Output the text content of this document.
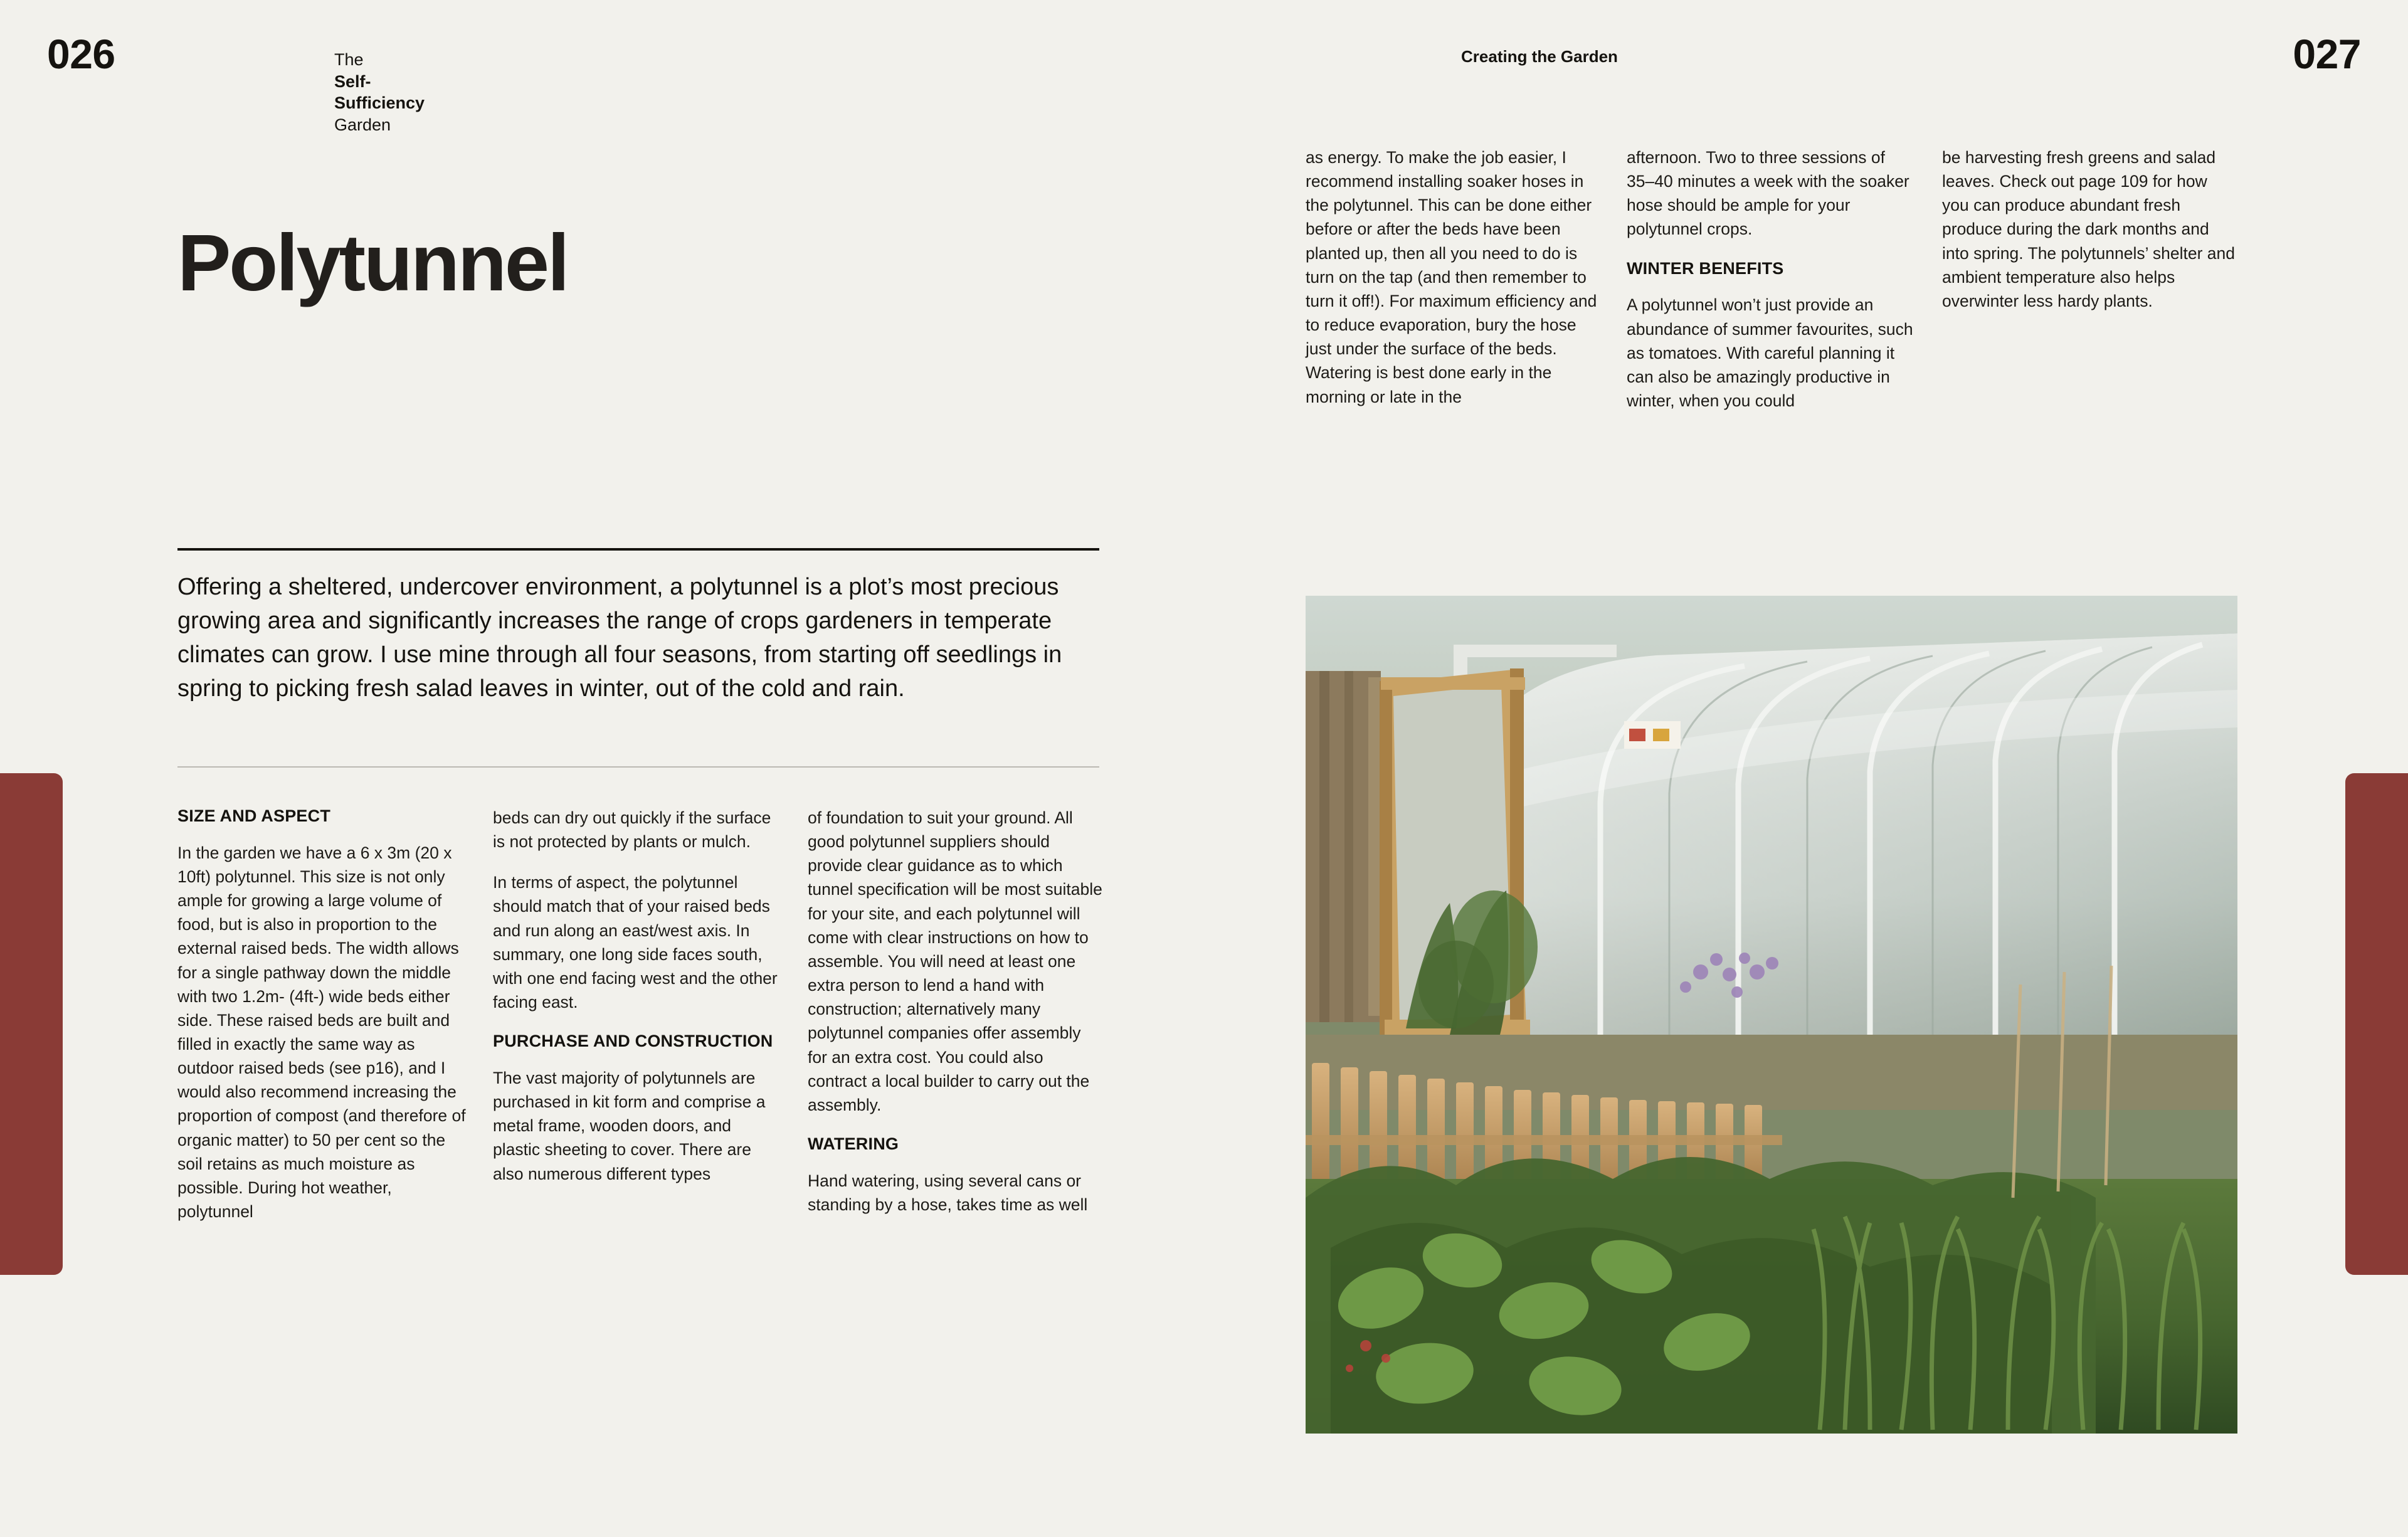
026	The
Self-
Sufficiency
Garden
Polytunnel
Offering a sheltered, undercover environment, a polytunnel is a plot’s most precious growing area and significantly increases the range of crops gardeners in temperate climates can grow. I use mine through all four seasons, from starting off seedlings in spring to picking fresh salad leaves in winter, out of the cold and rain.
SIZE AND ASPECT

In the garden we have a 6 x 3m (20 x 10ft) polytunnel. This size is not only ample for growing a large volume of food, but is also in proportion to the external raised beds. The width allows for a single pathway down the middle with two 1.2m- (4ft-) wide beds either side. These raised beds are built and filled in exactly the same way as outdoor raised beds (see p16), and I would also recommend increasing the proportion of compost (and therefore of organic matter) to 50 per cent so the soil retains as much moisture as possible. During hot weather, polytunnel

beds can dry out quickly if the surface is not protected by plants or mulch.

In terms of aspect, the polytunnel should match that of your raised beds and run along an east/west axis. In summary, one long side faces south, with one end facing west and the other facing east.

PURCHASE AND CONSTRUCTION

The vast majority of polytunnels are purchased in kit form and comprise a metal frame, wooden doors, and plastic sheeting to cover. There are also numerous different types

of foundation to suit your ground. All good polytunnel suppliers should provide clear guidance as to which tunnel specification will be most suitable for your site, and each polytunnel will come with clear instructions on how to assemble. You will need at least one extra person to lend a hand with construction; alternatively many polytunnel companies offer assembly for an extra cost. You could also contract a local builder to carry out the assembly.

WATERING

Hand watering, using several cans or standing by a hose, takes time as well

Creating the Garden	027

as energy. To make the job easier, I recommend installing soaker hoses in the polytunnel. This can be done either before or after the beds have been planted up, then all you need to do is turn on the tap (and then remember to turn it off!). For maximum efficiency and to reduce evaporation, bury the hose just under the surface of the beds. Watering is best done early in the morning or late in the

afternoon. Two to three sessions of 35–40 minutes a week with the soaker hose should be ample for your polytunnel crops.

WINTER BENEFITS

A polytunnel won’t just provide an abundance of summer favourites, such as tomatoes. With careful planning it can also be amazingly productive in winter, when you could

be harvesting fresh greens and salad leaves. Check out page 109 for how you can produce abundant fresh produce during the dark months and into spring. The polytunnels’ shelter and ambient temperature also helps overwinter less hardy plants.
